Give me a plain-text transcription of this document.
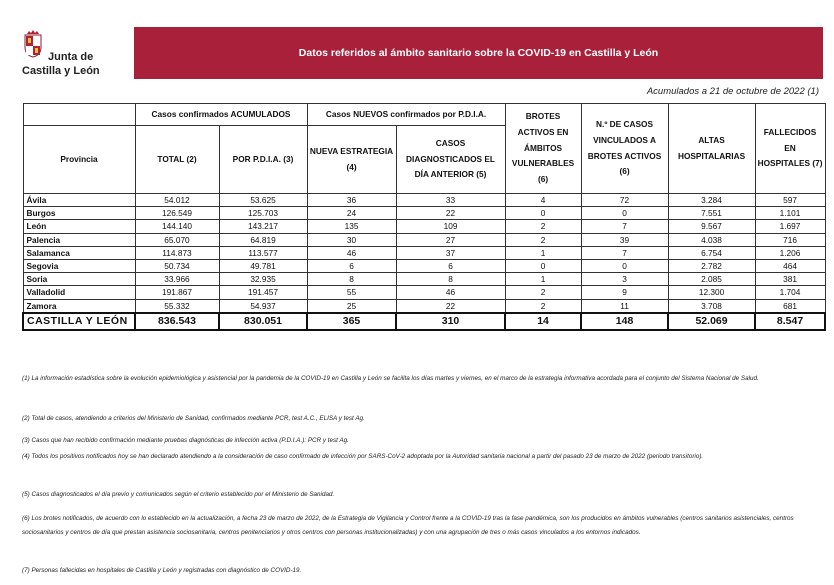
Junta de
Castilla y León
Datos referidos al ámbito sanitario sobre la COVID-19 en Castilla y León
Acumulados a 21 de octubre de 2022 (1)
	Casos confirmados ACUMULADOS		Casos NUEVOS confirmados por P.D.I.A.		BROTES ACTIVOS EN ÁMBITOS VULNERABLES (6)	N.º DE CASOS VINCULADOS A BROTES ACTIVOS (6)	ALTAS HOSPITALARIAS	FALLECIDOS EN HOSPITALES (7)
Provincia	TOTAL (2)	POR P.D.I.A. (3)	NUEVA ESTRATEGIA (4)	CASOS DIAGNOSTICADOS EL DÍA ANTERIOR (5)				
Ávila	54.012	53.625	36	33	4	72	3.284	597
Burgos	126.549	125.703	24	22	0	0	7.551	1.101
León	144.140	143.217	135	109	2	7	9.567	1.697
Palencia	65.070	64.819	30	27	2	39	4.038	716
Salamanca	114.873	113.577	46	37	1	7	6.754	1.206
Segovia	50.734	49.781	6	6	0	0	2.782	464
Soria	33.966	32.935	8	8	1	3	2.085	381
Valladolid	191.867	191.457	55	46	2	9	12.300	1.704
Zamora	55.332	54.937	25	22	2	11	3.708	681
CASTILLA Y LEÓN	836.543	830.051	365	310	14	148	52.069	8.547
(1) La información estadística sobre la evolución epidemiológica y asistencial por la pandemia de la COVID-19 en Castilla y León se facilita los días martes y viernes, en el marco de la estrategia informativa acordada para el conjunto del Sistema Nacional de Salud.
(2) Total de casos, atendiendo a criterios del Ministerio de Sanidad, confirmados mediante PCR, test A.C., ELISA y test Ag.
(3) Casos que han recibido confirmación mediante pruebas diagnósticas de infección activa (P.D.I.A.): PCR y test Ag.
(4) Todos los positivos notificados hoy se han declarado atendiendo a la consideración de caso confirmado de infección por SARS-CoV-2 adoptada por la Autoridad sanitaria nacional a partir del pasado 23 de marzo de 2022 (periodo transitorio).
(5) Casos diagnosticados el día previo y comunicados según el criterio establecido por el Ministerio de Sanidad.
(6) Los brotes notificados, de acuerdo con lo establecido en la actualización, a fecha 23 de marzo de 2022, de la Estrategia de Vigilancia y Control frente a la COVID-19 tras la fase pandémica, son los producidos en ámbitos vulnerables (centros sanitarios asistenciales, centros sociosanitarios y centros de día que prestan asistencia sociosanitaria, centros penitenciarios y otros centros con personas institucionalizadas) y con una agrupación de tres o más casos vinculados a los entornos indicados.
(7) Personas fallecidas en hospitales de Castilla y León y registradas con diagnóstico de COVID-19.
